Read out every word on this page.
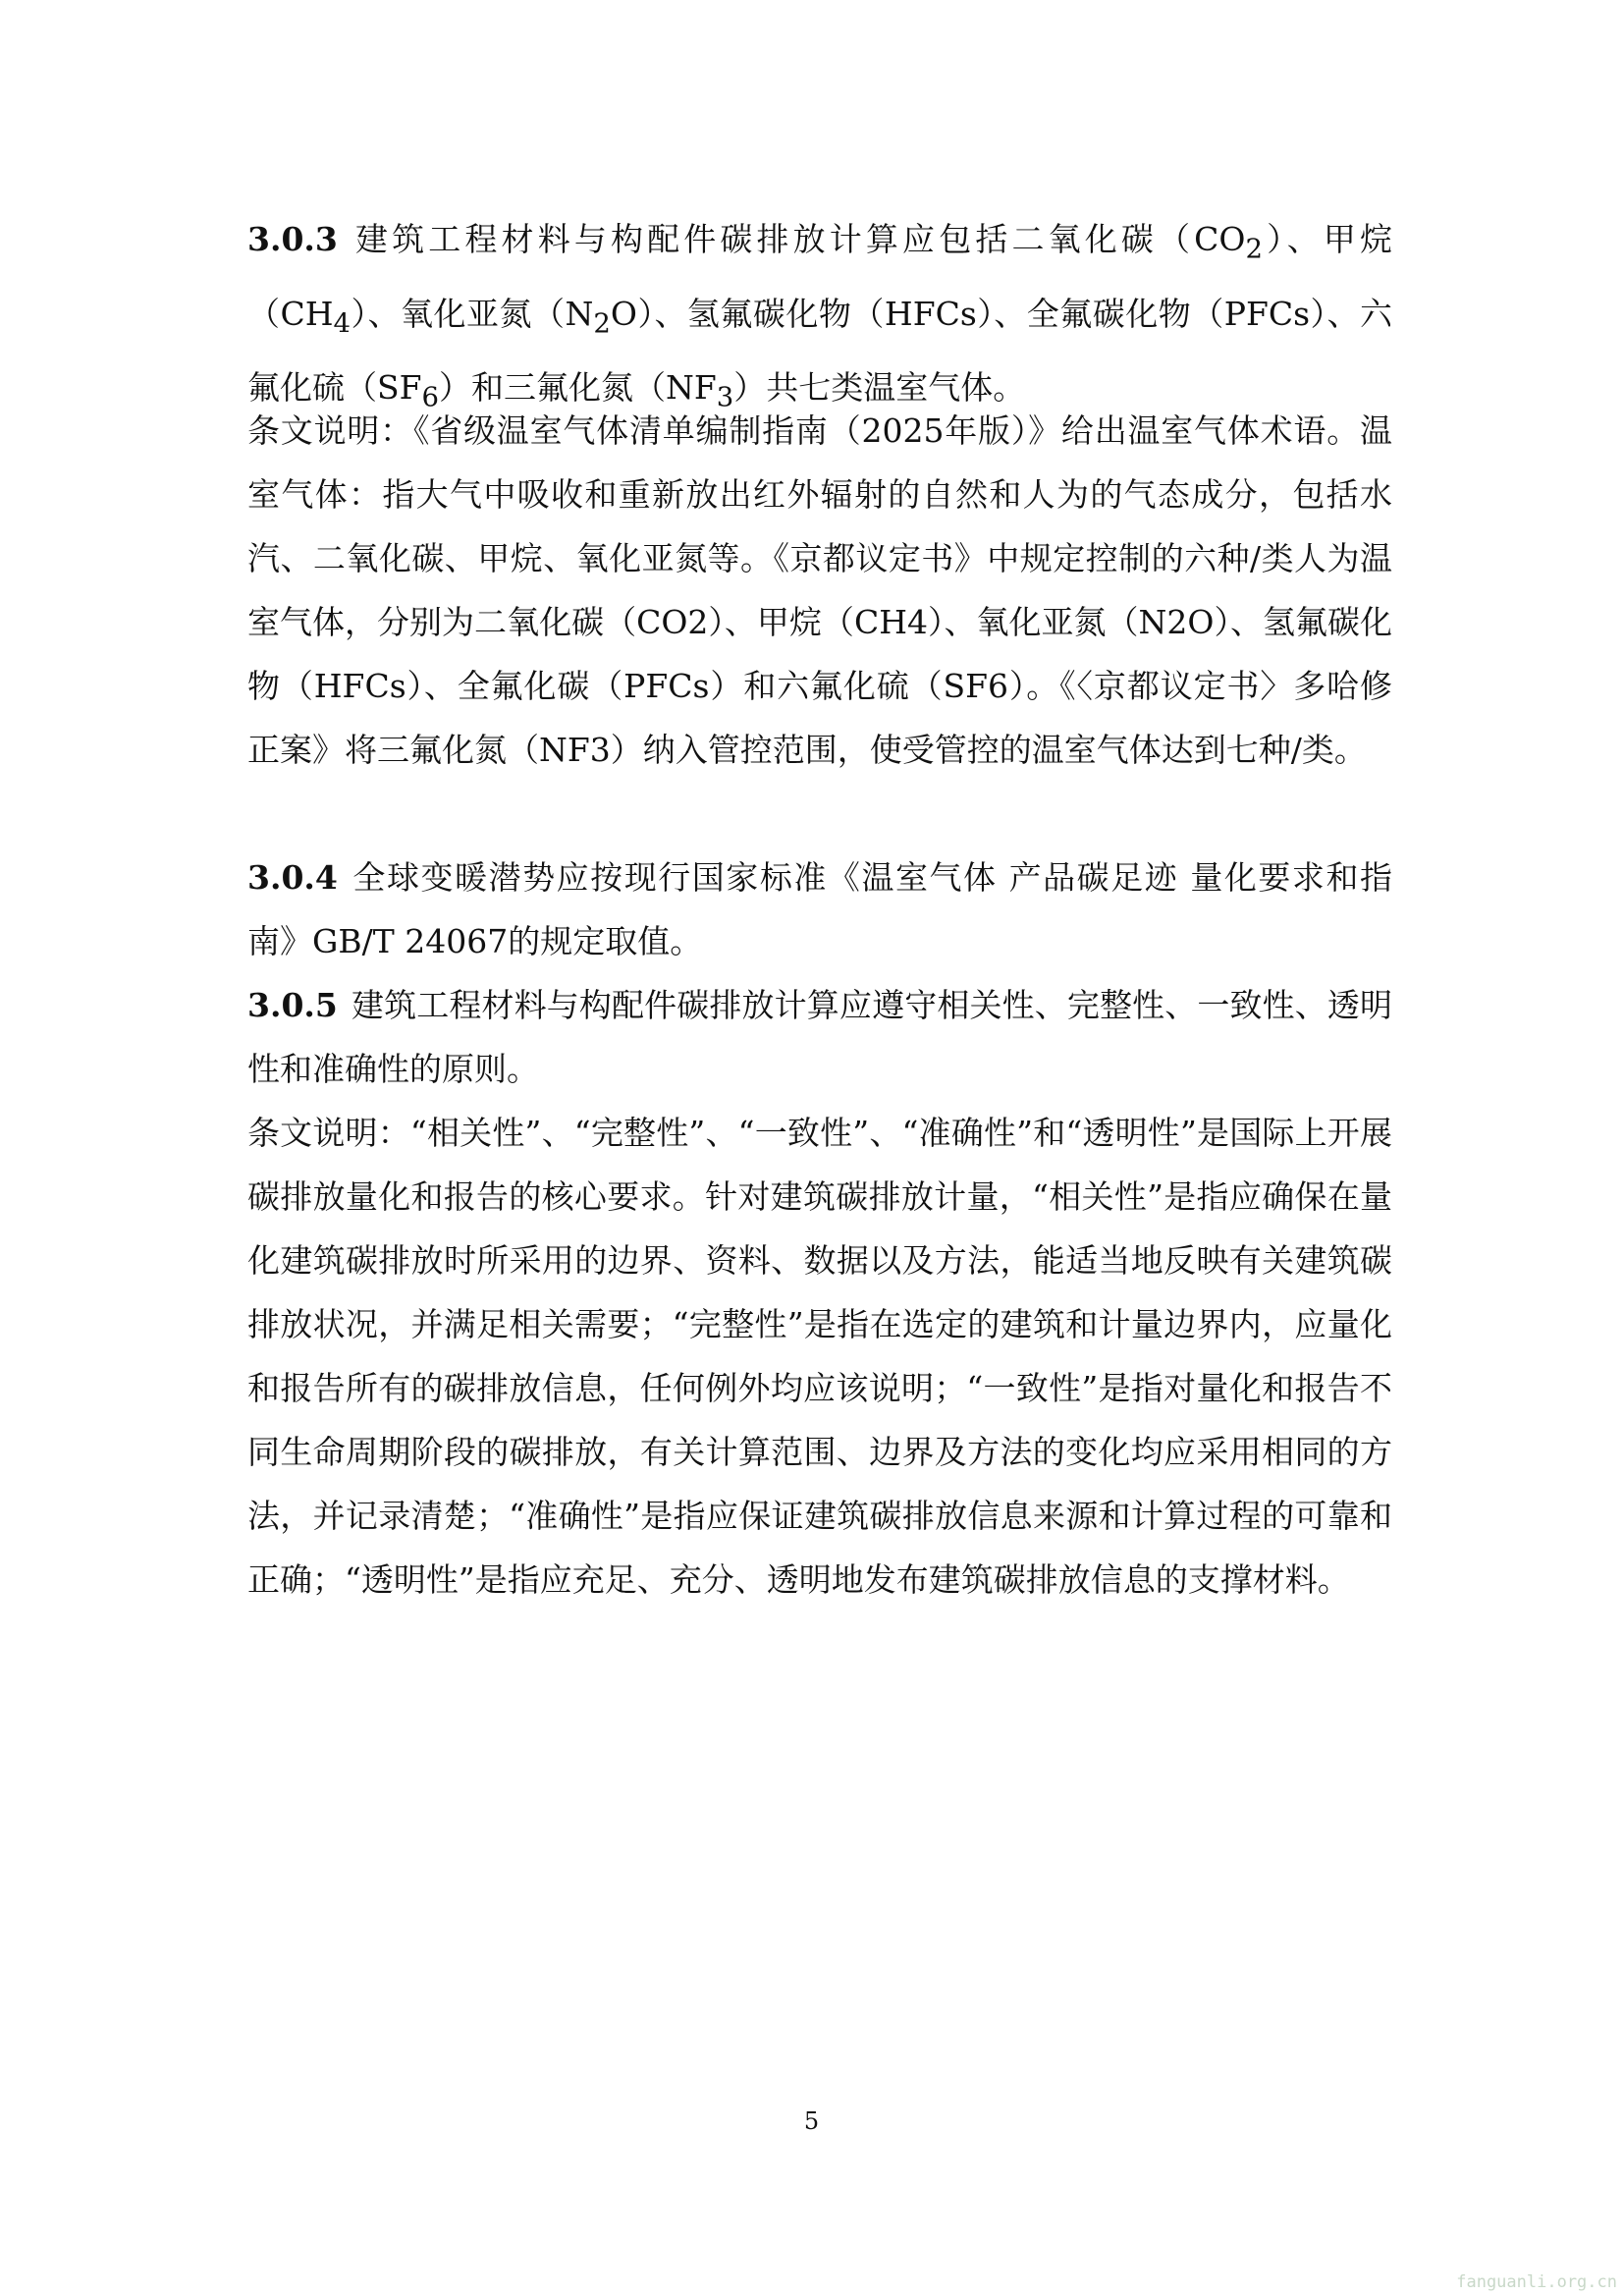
3.0.3 建筑工程材料与构配件碳排放计算应包括二氧化碳$(CO_2)$、甲烷$(CH_4)$、氧化亚氮$(N_2O)$、氢氟碳化物（HFCs）、全氟碳化物（PFCs）、六氟化硫$(SF_6)$和三氟化氮$(NF_3)$共七类温室气体。

条文说明：《省级温室气体清单编制指南（2025年版）》给出温室气体术语。温室气体：指大气中吸收和重新放出红外辐射的自然和人为的气态成分，包括水汽、二氧化碳、甲烷、氧化亚氮等。《京都议定书》中规定控制的六种/类人为温室气体，分别为二氧化碳（CO2）、甲烷（CH4）、氧化亚氮（N2O）、氢氟碳化物（HFCs）、全氟化碳（PFCs）和六氟化硫（SF6）。《〈京都议定书〉多哈修正案》将三氟化氮（NF3）纳入管控范围，使受管控的温室气体达到七种/类。

3.0.4 全球变暖潜势应按现行国家标准《温室气体 产品碳足迹 量化要求和指南》GB/T 24067的规定取值。

3.0.5 建筑工程材料与构配件碳排放计算应遵守相关性、完整性、一致性、透明性和准确性的原则。

条文说明：“相关性”、“完整性”、“一致性”、“准确性”和“透明性”是国际上开展碳排放量化和报告的核心要求。针对建筑碳排放计量，“相关性”是指应确保在量化建筑碳排放时所采用的边界、资料、数据以及方法，能适当地反映有关建筑碳排放状况，并满足相关需要；“完整性”是指在选定的建筑和计量边界内，应量化和报告所有的碳排放信息，任何例外均应该说明；“一致性”是指对量化和报告不同生命周期阶段的碳排放，有关计算范围、边界及方法的变化均应采用相同的方法，并记录清楚；“准确性”是指应保证建筑碳排放信息来源和计算过程的可靠和正确；“透明性”是指应充足、充分、透明地发布建筑碳排放信息的支撑材料。

5
fanguanli.org.cn
